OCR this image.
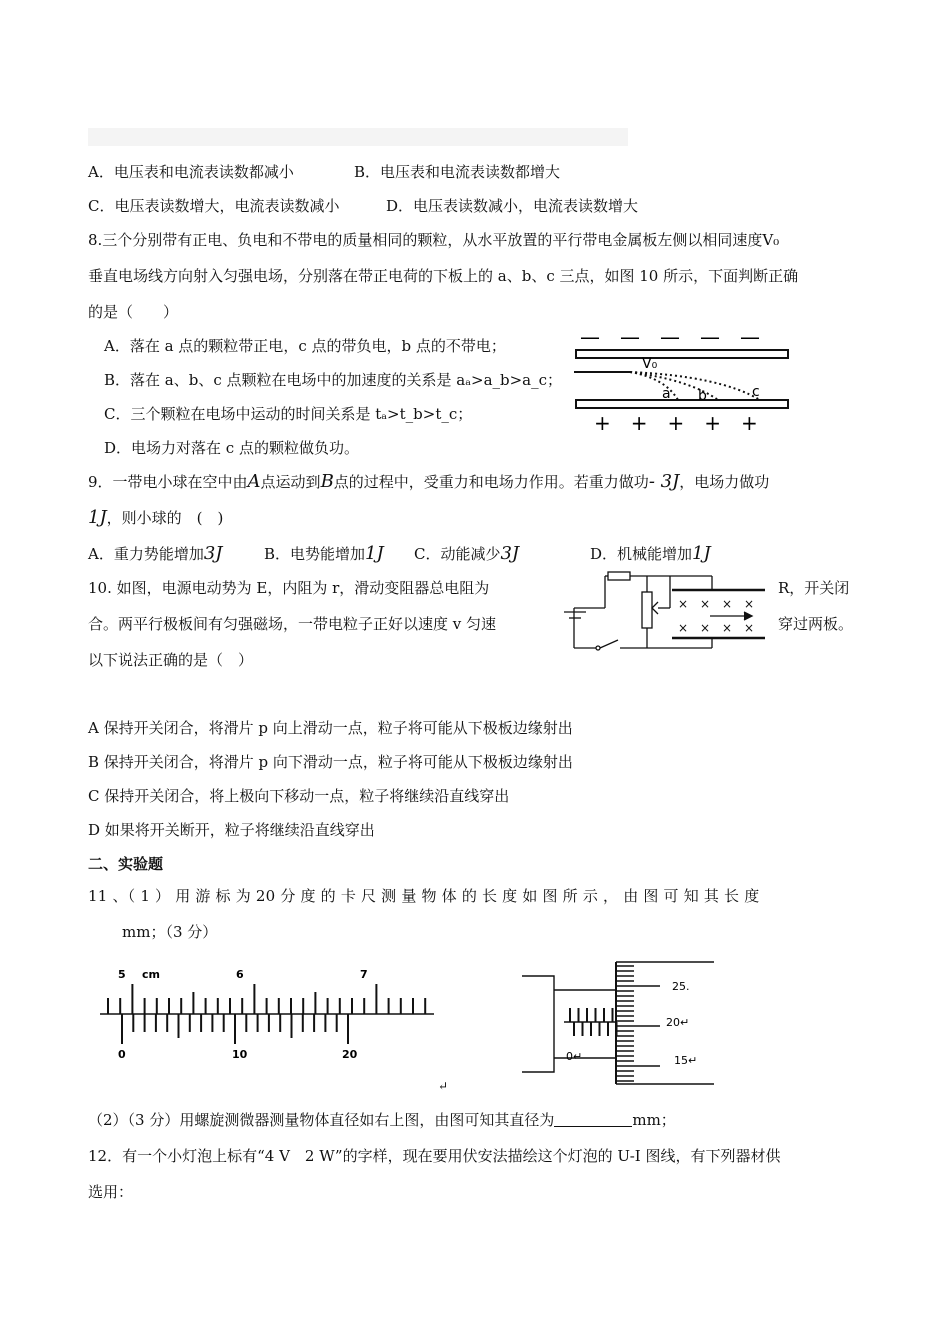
A．电压表和电流表读数都减小	B．电压表和电流表读数都增大
C．电压表读数增大，电流表读数减小	D．电压表读数减小，电流表读数增大
8.三个分别带有正电、负电和不带电的质量相同的颗粒，从水平放置的平行带电金属板左侧以相同速度V₀
垂直电场线方向射入匀强电场，分别落在带正电荷的下板上的 a、b、c 三点，如图 10 所示，下面判断正确
的是（　　）
A．落在 a 点的颗粒带正电，c 点的带负电，b 点的不带电；
B．落在 a、b、c 点颗粒在电场中的加速度的关系是 aₐ>a_b>a_c；
C．三个颗粒在电场中运动的时间关系是 tₐ>t_b>t_c；
D．电场力对落在 c 点的颗粒做负功。
—　—　—　—　—
V₀
a b	c
+　+　+　+　+
9．一带电小球在空中由A点运动到B点的过程中，受重力和电场力作用。若重力做功- 3J，电场力做功
1J，则小球的　(　)
A．重力势能增加3J	B．电势能增加1J C．动能减少3J	D．机械能增加1J
10. 如图，电源电动势为 E，内阻为 r，滑动变阻器总电阻为	R，开关闭
合。两平行极板间有匀强磁场，一带电粒子正好以速度 v 匀速	穿过两板。
以下说法正确的是（　）
× × × ×
× × × ×
A 保持开关闭合，将滑片 p 向上滑动一点，粒子将可能从下极板边缘射出
B 保持开关闭合，将滑片 p 向下滑动一点，粒子将可能从下极板边缘射出
C 保持开关闭合，将上极向下移动一点，粒子将继续沿直线穿出
D 如果将开关断开，粒子将继续沿直线穿出
二、实验题
11 、（ 1 ） 用 游 标 为 20 分 度 的 卡 尺 测 量 物 体 的 长 度 如 图 所 示 ， 由 图 可 知 其 长 度
mm；（3 分）
5 cm	6	7
0	10	20
25.
20↵
15↵
0↵
↵
（2）（3 分）用螺旋测微器测量物体直径如右上图，由图可知其直径为	mm；
12．有一个小灯泡上标有“4 V　2 W”的字样，现在要用伏安法描绘这个灯泡的 U-I 图线，有下列器材供
选用：
